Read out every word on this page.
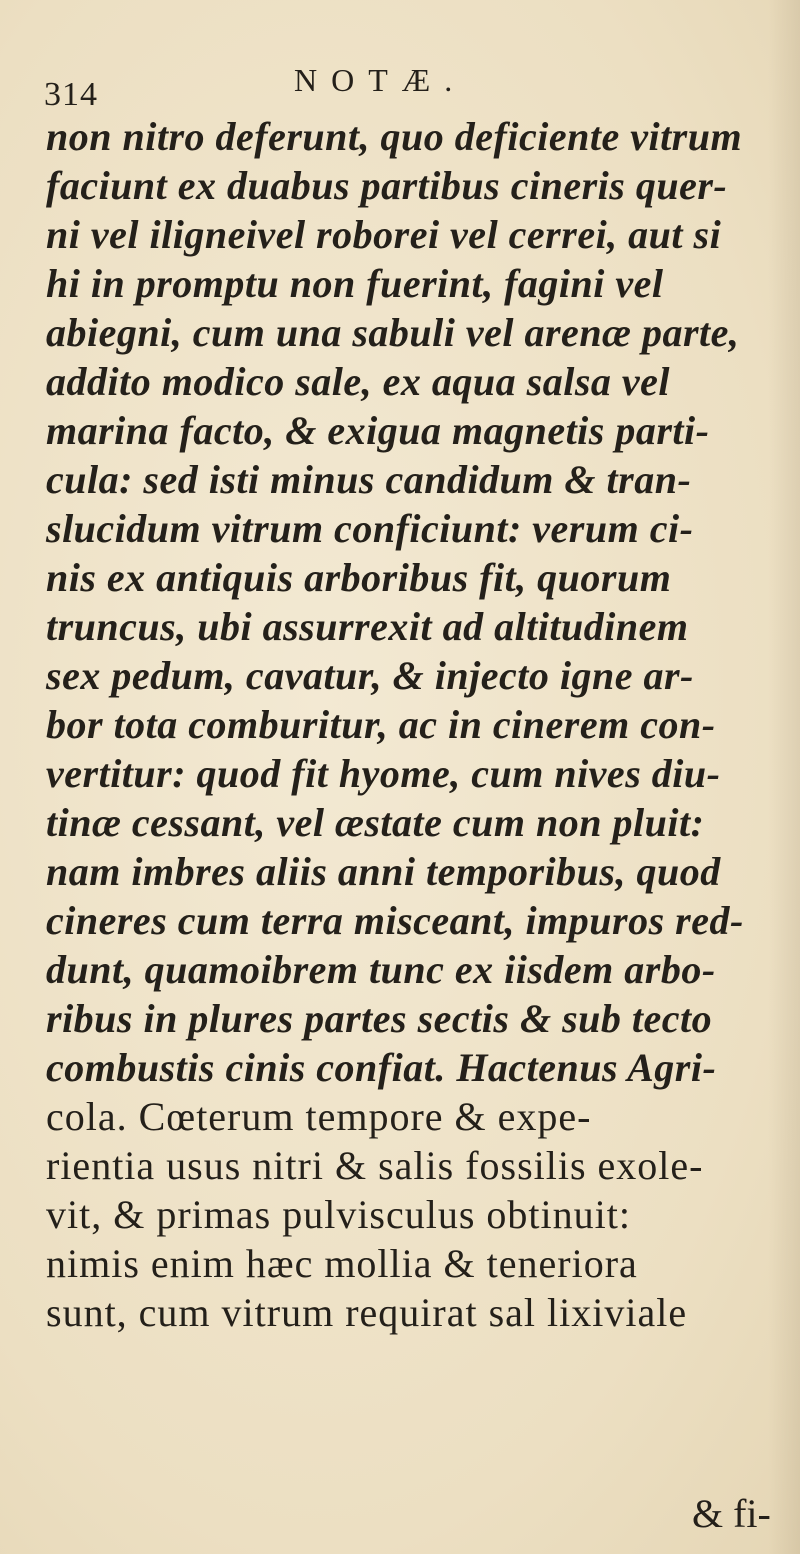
314	NOTÆ.
non nitro deferunt, quo deficiente vitrum
faciunt ex duabus partibus cineris quer-
ni vel iligneivel roborei vel cerrei, aut si
hi in promptu non fuerint, fagini vel
abiegni, cum una sabuli vel arenæ parte,
addito modico sale, ex aqua salsa vel
marina facto, & exigua magnetis parti-
cula: sed isti minus candidum & tran-
slucidum vitrum conficiunt: verum ci-
nis ex antiquis arboribus fit, quorum
truncus, ubi assurrexit ad altitudinem
sex pedum, cavatur, & injecto igne ar-
bor tota comburitur, ac in cinerem con-
vertitur: quod fit hyome, cum nives diu-
tinæ cessant, vel æstate cum non pluit:
nam imbres aliis anni temporibus, quod
cineres cum terra misceant, impuros red-
dunt, quamoibrem tunc ex iisdem arbo-
ribus in plures partes sectis & sub tecto
combustis cinis confiat. Hactenus Agri-
cola. Cœterum tempore & expe-
rientia usus nitri & salis fossilis exole-
vit, & primas pulvisculus obtinuit:
nimis enim hæc mollia & teneriora
sunt, cum vitrum requirat sal lixiviale
& fi-
